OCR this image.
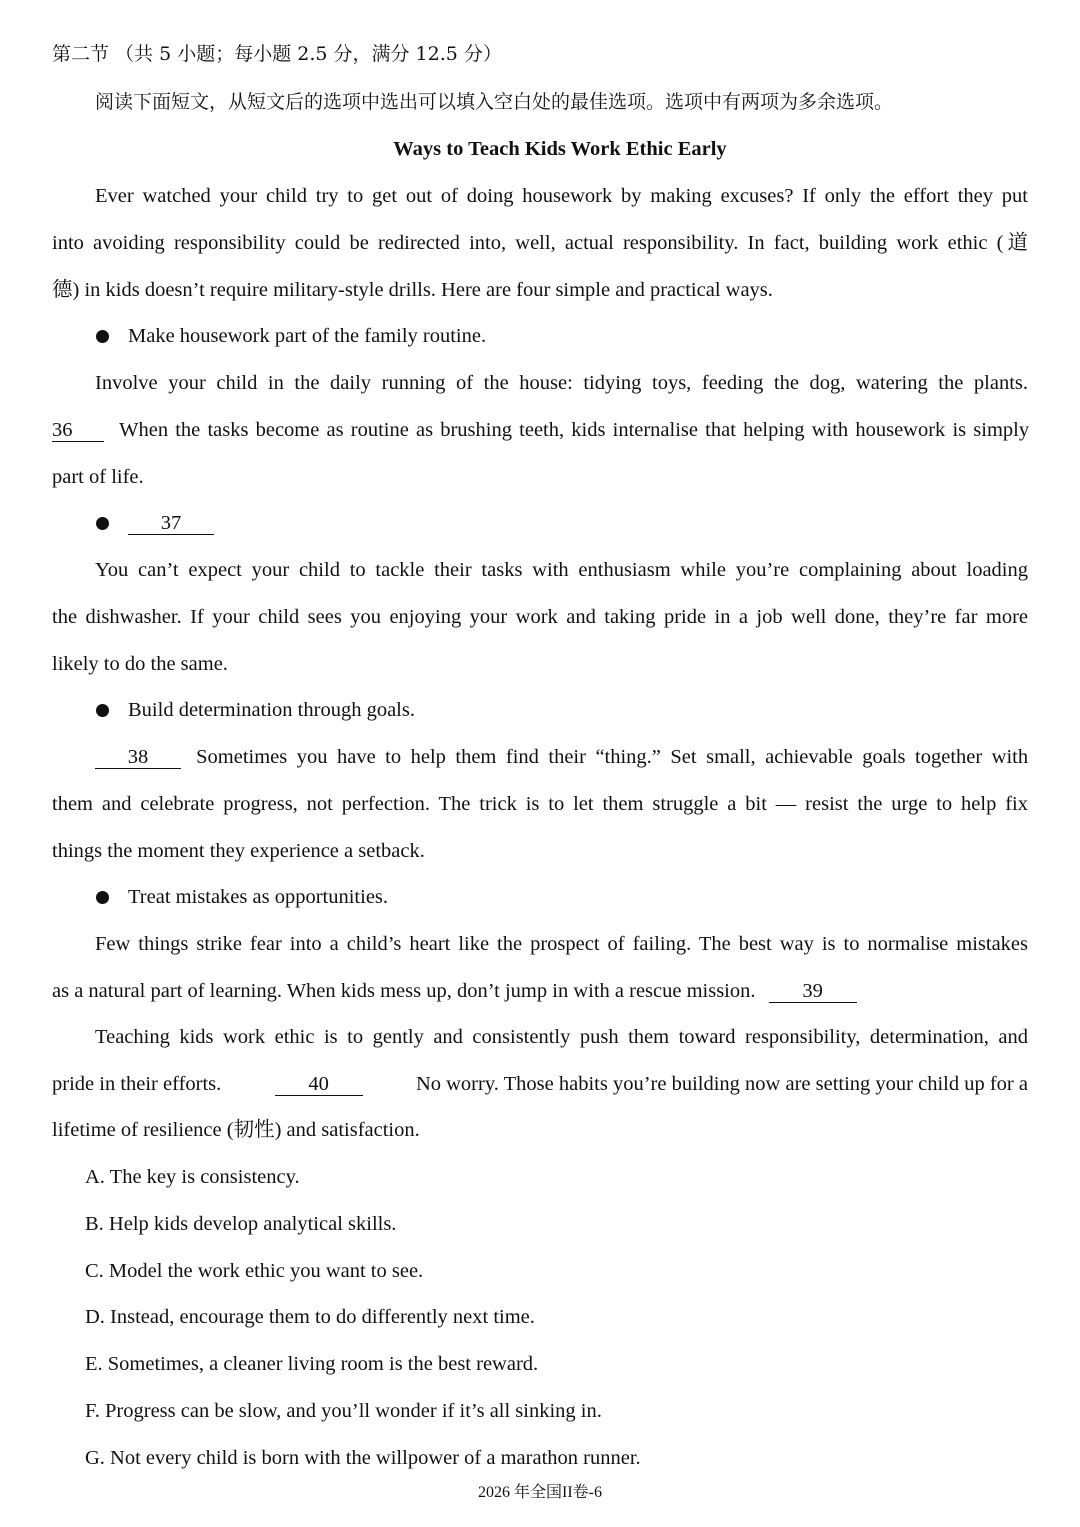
第二节 （共 5 小题；每小题 2.5 分，满分 12.5 分）
阅读下面短文，从短文后的选项中选出可以填入空白处的最佳选项。选项中有两项为多余选项。
Ways to Teach Kids Work Ethic Early
Ever watched your child try to get out of doing housework by making excuses? If only the effort they put
into avoiding responsibility could be redirected into, well, actual responsibility. In fact, building work ethic (道
德) in kids doesn’t require military-style drills. Here are four simple and practical ways.
Make housework part of the family routine.
Involve your child in the daily running of the house: tidying toys, feeding the dog, watering the plants.
36 When the tasks become as routine as brushing teeth, kids internalise that helping with housework is simply
part of life.
37
You can’t expect your child to tackle their tasks with enthusiasm while you’re complaining about loading
the dishwasher. If your child sees you enjoying your work and taking pride in a job well done, they’re far more
likely to do the same.
Build determination through goals.
38 Sometimes you have to help them find their “thing.” Set small, achievable goals together with
them and celebrate progress, not perfection. The trick is to let them struggle a bit — resist the urge to help fix
things the moment they experience a setback.
Treat mistakes as opportunities.
Few things strike fear into a child’s heart like the prospect of failing. The best way is to normalise mistakes
as a natural part of learning. When kids mess up, don’t jump in with a rescue mission. 39
Teaching kids work ethic is to gently and consistently push them toward responsibility, determination, and
pride in their efforts.	40	No worry. Those habits you’re building now are setting your child up for a
lifetime of resilience (韧性) and satisfaction.
A. The key is consistency.
B. Help kids develop analytical skills.
C. Model the work ethic you want to see.
D. Instead, encourage them to do differently next time.
E. Sometimes, a cleaner living room is the best reward.
F. Progress can be slow, and you’ll wonder if it’s all sinking in.
G. Not every child is born with the willpower of a marathon runner.
2026 年全国II卷-6
